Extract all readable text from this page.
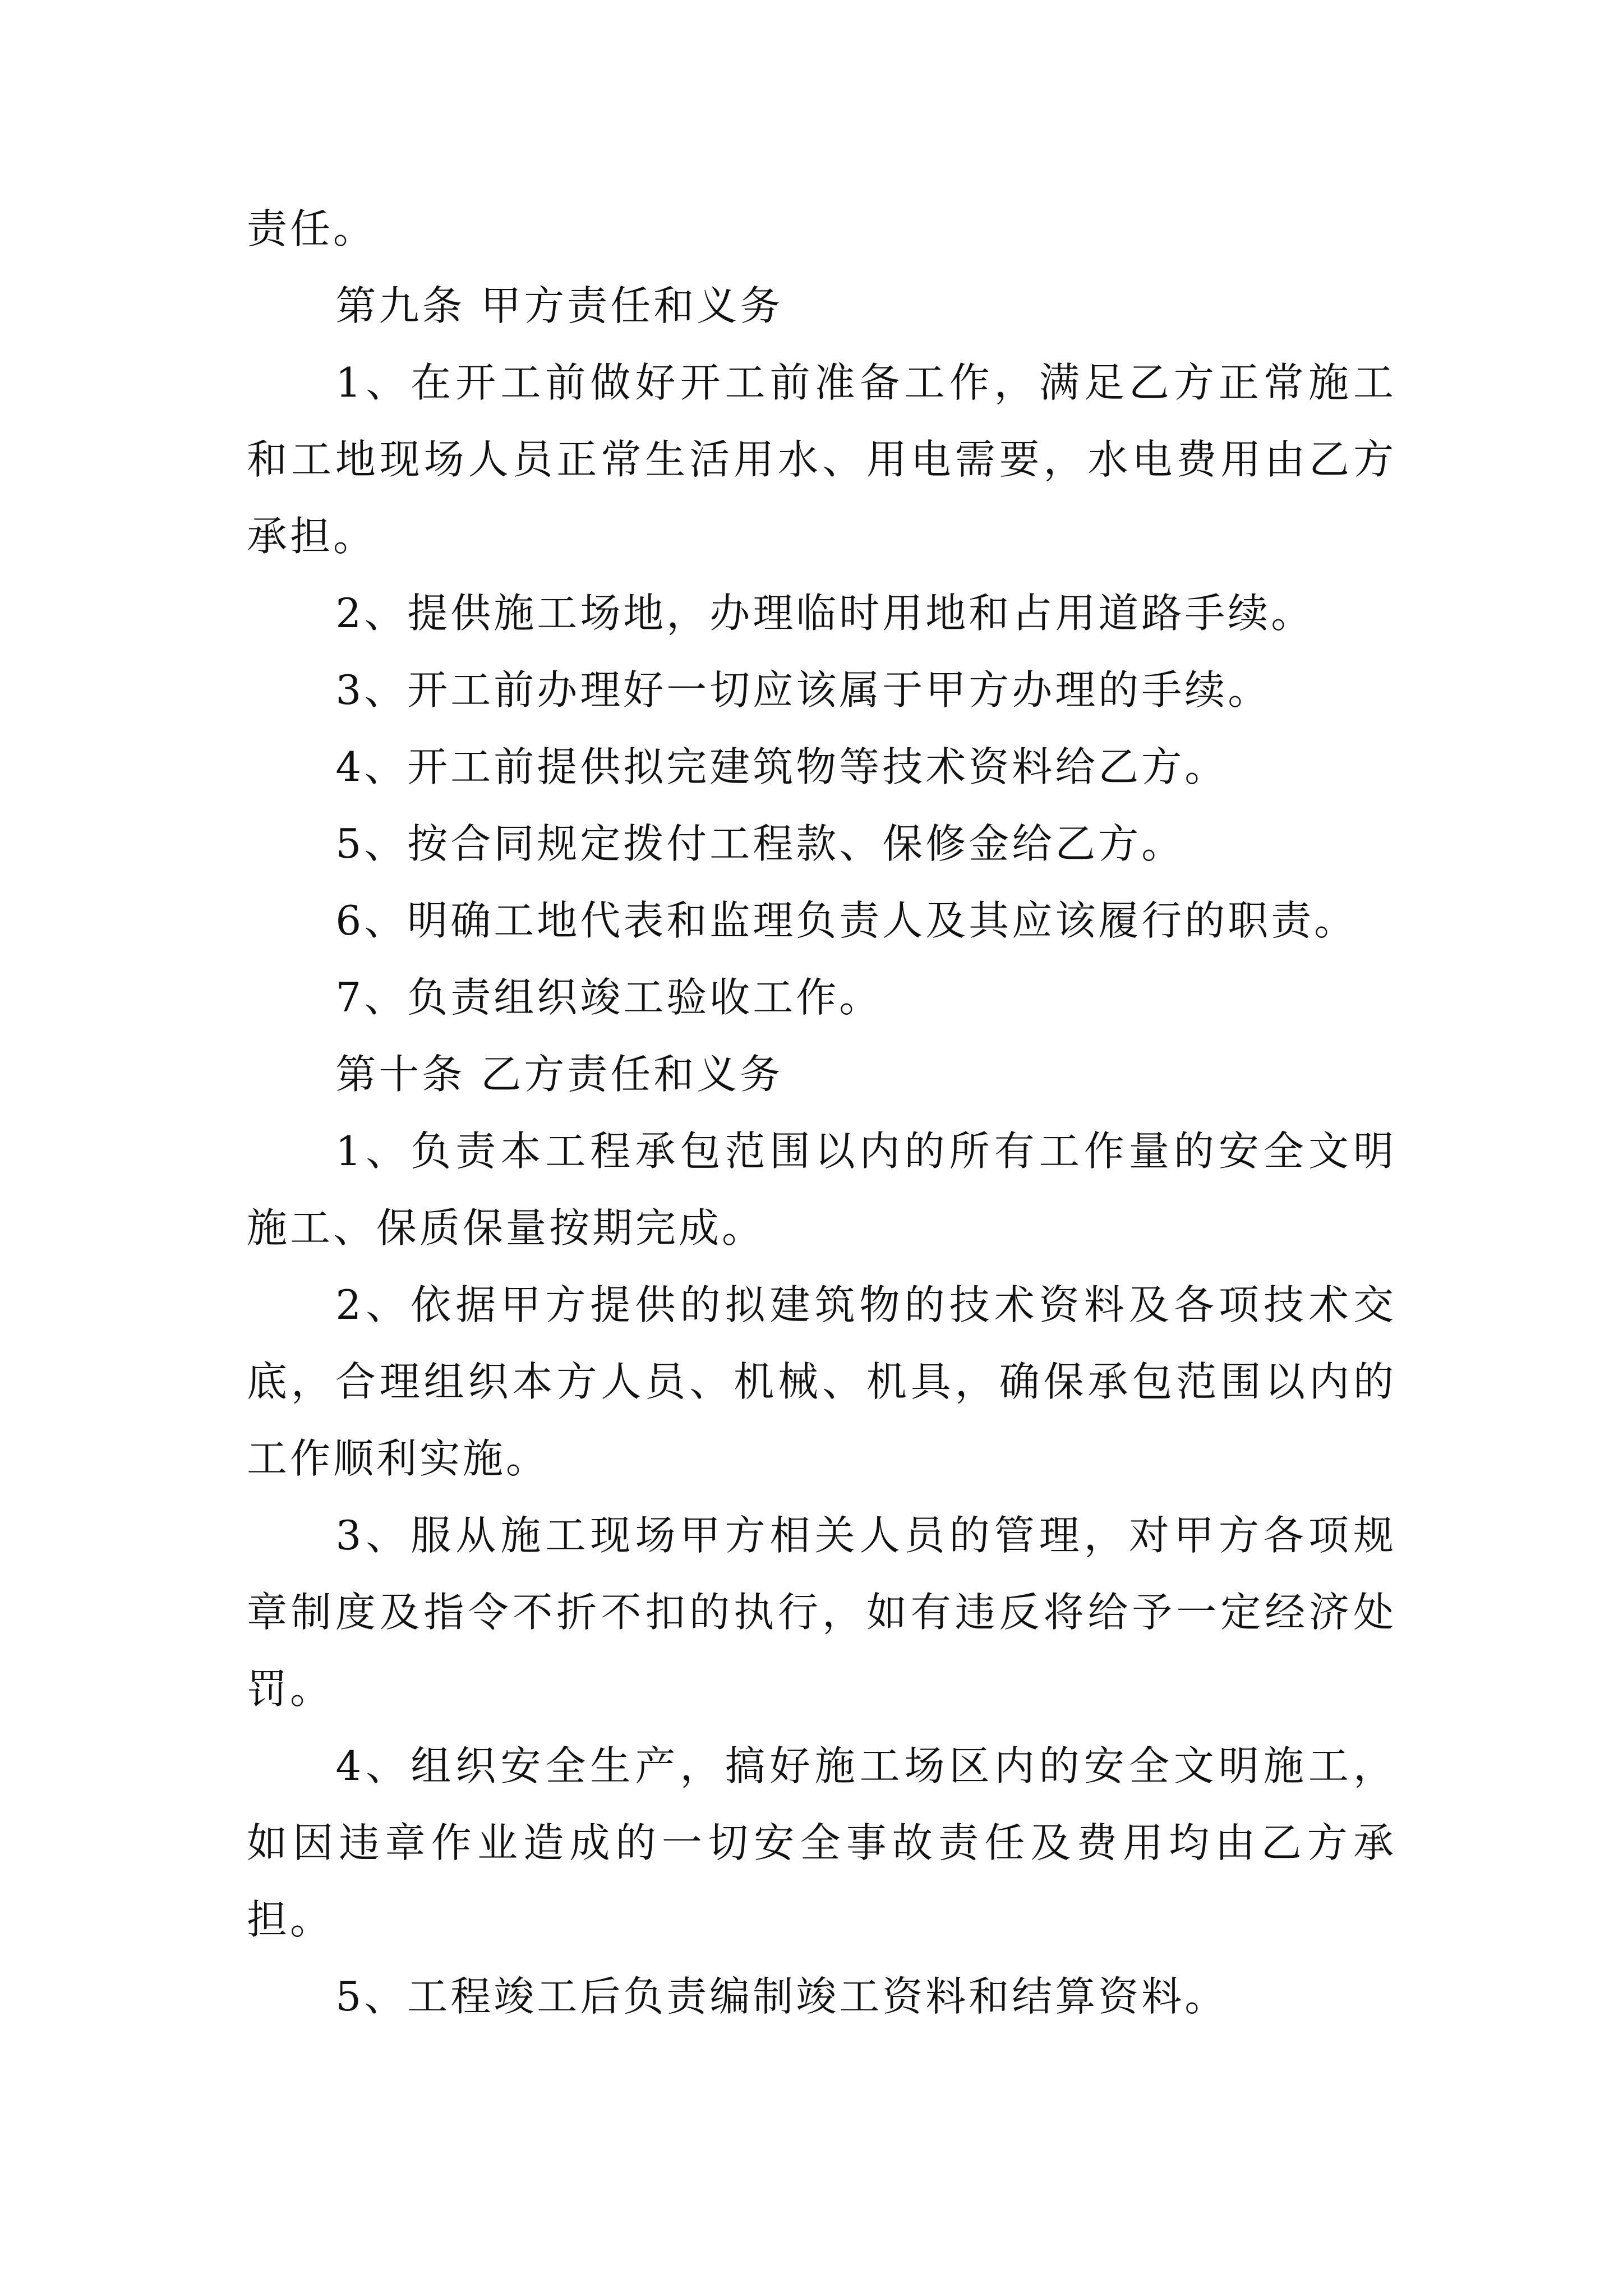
责任。

第九条 甲方责任和义务

1、在开工前做好开工前准备工作，满足乙方正常施工和工地现场人员正常生活用水、用电需要，水电费用由乙方承担。

2、提供施工场地，办理临时用地和占用道路手续。

3、开工前办理好一切应该属于甲方办理的手续。

4、开工前提供拟完建筑物等技术资料给乙方。

5、按合同规定拨付工程款、保修金给乙方。

6、明确工地代表和监理负责人及其应该履行的职责。

7、负责组织竣工验收工作。

第十条 乙方责任和义务

1、负责本工程承包范围以内的所有工作量的安全文明施工、保质保量按期完成。

2、依据甲方提供的拟建筑物的技术资料及各项技术交底，合理组织本方人员、机械、机具，确保承包范围以内的工作顺利实施。

3、服从施工现场甲方相关人员的管理，对甲方各项规章制度及指令不折不扣的执行，如有违反将给予一定经济处罚。

4、组织安全生产，搞好施工场区内的安全文明施工，如因违章作业造成的一切安全事故责任及费用均由乙方承担。

5、工程竣工后负责编制竣工资料和结算资料。
